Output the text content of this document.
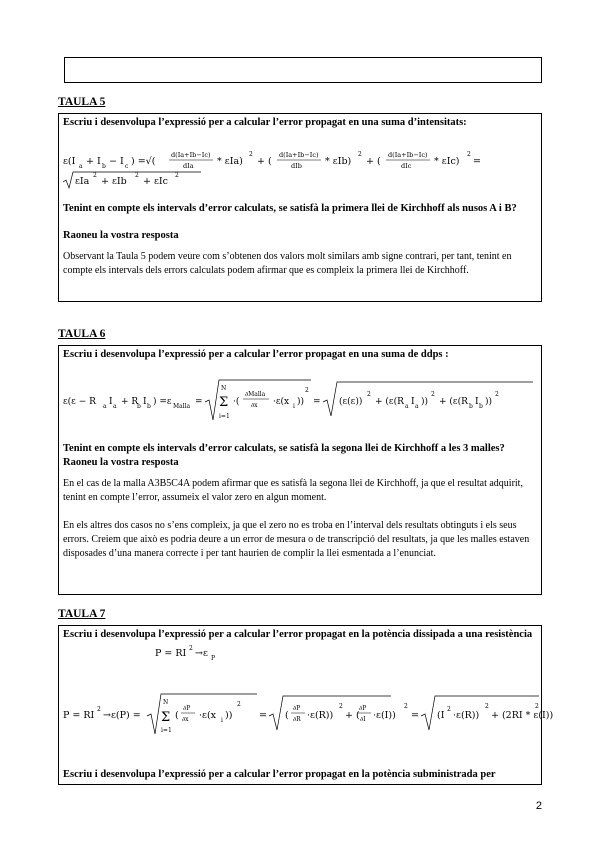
TAULA 5
Escriu i desenvolupa l’expressió per a calcular l’error propagat en una suma d’intensitats:
ε(I a + I b − I c ) =√(
d(Ia+Ib−Ic)
dIa * εIa)
2
+ (
d(Ia+Ib−Ic)
dIb * εIb)
2
+ (
d(Ia+Ib−Ic)
dIc * εIc)
2
=
εIa
2
+ εIb
2
+ εIc
2
Tenint en compte els intervals d’error calculats, se satisfà la primera llei de Kirchhoff als nusos A i B?
Raoneu la vostra resposta
Observant la Taula 5 podem veure com s’obtenen dos valors molt similars amb signe contrari, per tant, tenint en compte els intervals dels errors calculats podem afirmar que es compleix la primera llei de Kirchhoff.
TAULA 6
Escriu i desenvolupa l’expressió per a calcular l’error propagat en una suma de ddps :
ε(ε − R a I a + R
b I b ) =ε Malla =
N
Σ
i=1
·(
∂Malla
∂x ·ε(x i ))
2
= (ε(ε))
2
+ (ε(R a I a ))
2
+ (ε(R b I b ))
2
Tenint en compte els intervals d’error calculats, se satisfà la segona llei de Kirchhoff a les 3 malles?
Raoneu la vostra resposta
En el cas de la malla A3B5C4A podem afirmar que es satisfà la segona llei de Kirchhoff, ja que el resultat adquirit, tenint en compte l’error, assumeix el valor zero en algun moment.
En els altres dos casos no s’ens compleix, ja que el zero no es troba en l’interval dels resultats obtinguts i els seus errors. Creiem que això es podria deure a un error de mesura o de transcripció del resultats, ja que les malles estaven disposades d’una manera correcte i per tant haurien de complir la llei esmentada a l’enunciat.
TAULA 7
Escriu i desenvolupa l’expressió per a calcular l’error propagat en la potència dissipada a una resistència
P = RI 2 →ε P
P = RI
2
→ε(P) =
N
Σ
i=1
(
∂P
∂x ·ε(x i ))
2
= (
∂P
∂R ·ε(R))
2
+ (
∂P
∂I ·ε(I))
2
= (I
2
·ε(R))
2
+ (2RI * ε(I))
2
Escriu i desenvolupa l’expressió per a calcular l’error propagat en la potència subministrada per
2
